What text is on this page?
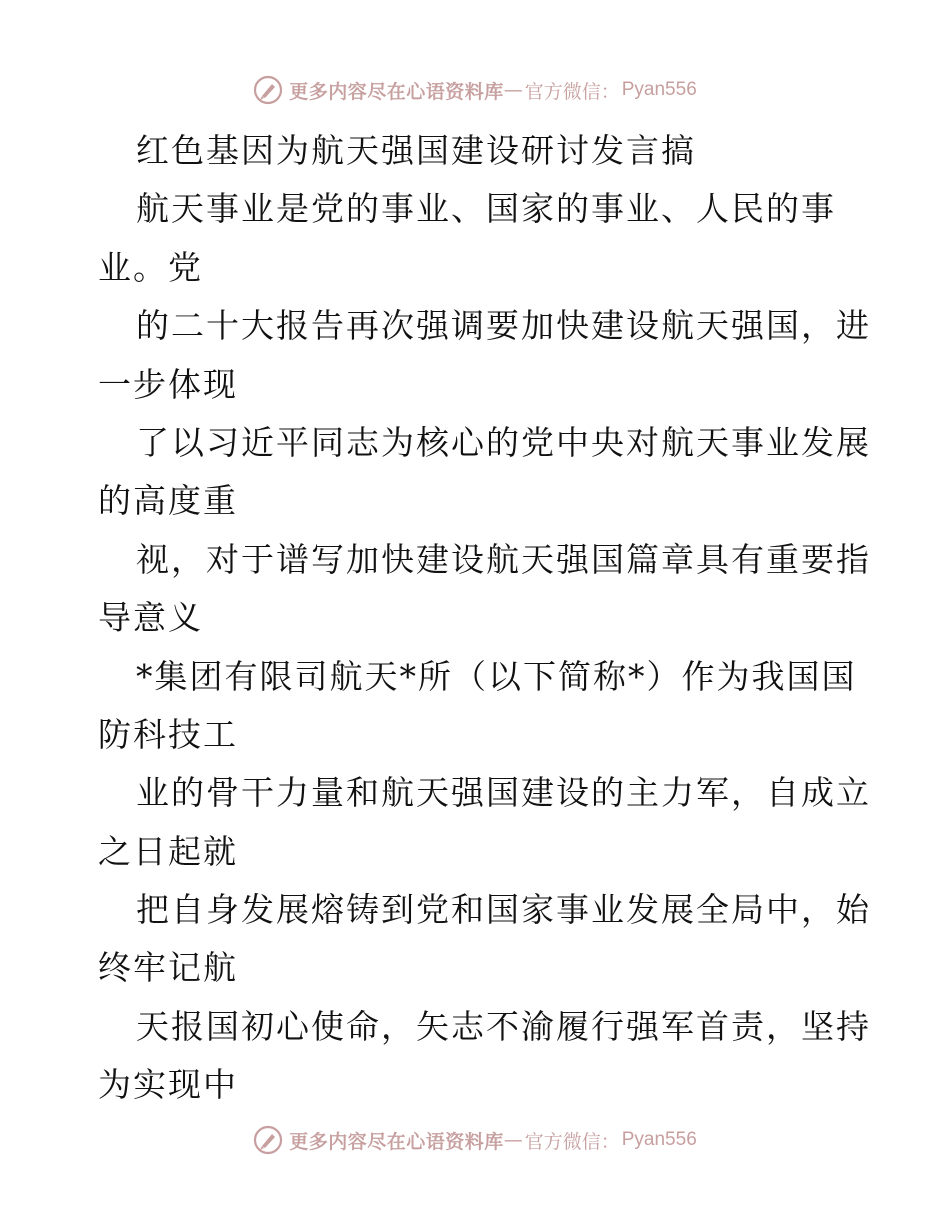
更多内容尽在心语资料库 — 官方微信： Pyan556
红色基因为航天强国建设研讨发言搞
航天事业是党的事业、国家的事业、人民的事
业。党
的二十大报告再次强调要加快建设航天强国，进
一步体现
了以习近平同志为核心的党中央对航天事业发展
的高度重
视，对于谱写加快建设航天强国篇章具有重要指
导意义
*集团有限司航天*所（以下简称*）作为我国国
防科技工
业的骨干力量和航天强国建设的主力军，自成立
之日起就
把自身发展熔铸到党和国家事业发展全局中，始
终牢记航
天报国初心使命，矢志不渝履行强军首责，坚持
为实现中
更多内容尽在心语资料库 — 官方微信： Pyan556
